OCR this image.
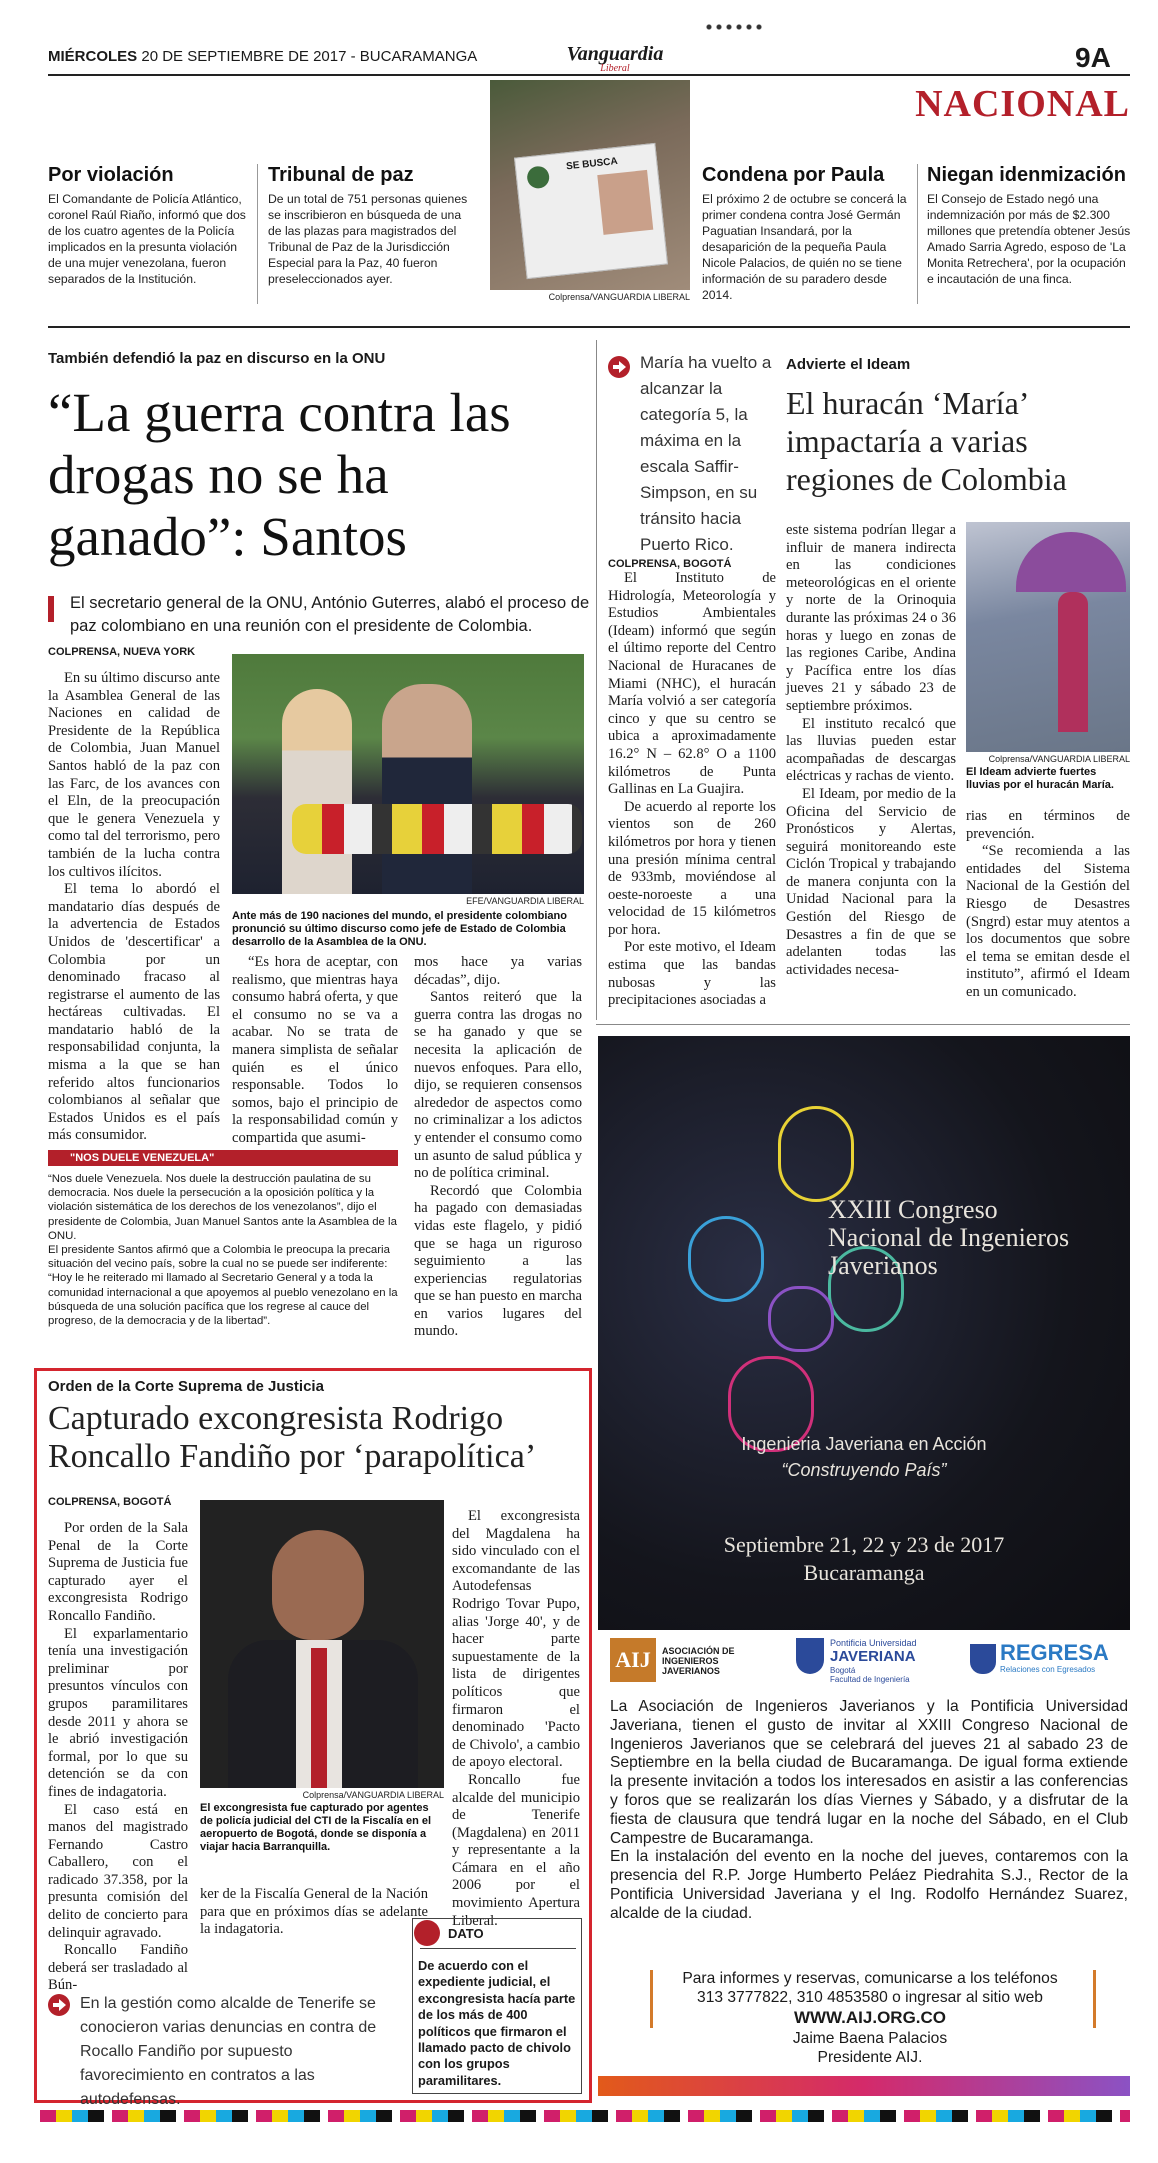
MIÉRCOLES 20 DE SEPTIEMBRE DE 2017 - BUCARAMANGA	Vanguardia
Liberal	9A
NACIONAL
SE BUSCA
Colprensa/VANGUARDIA LIBERAL
Por violación
El Comandante de Policía Atlántico, coronel Raúl Riaño, informó que dos de los cuatro agentes de la Policía implicados en la presunta violación de una mujer venezolana, fueron separados de la Institución.
Tribunal de paz
De un total de 751 personas quienes se inscribieron en búsqueda de una de las plazas para magistrados del Tribunal de Paz de la Jurisdicción Especial para la Paz, 40 fueron preseleccionados ayer.
Condena por Paula
El próximo 2 de octubre se concerá la primer condena contra José Germán Paguatian Insandará, por la desaparición de la pequeña Paula Nicole Palacios, de quién no se tiene información de su paradero desde 2014.
Niegan idenmización
El Consejo de Estado negó una indemnización por más de $2.300 millones que pretendía obtener Jesús Amado Sarria Agredo, esposo de 'La Monita Retrechera', por la ocupación e incautación de una finca.
También defendió la paz en discurso en la ONU
“La guerra contra las drogas no se ha ganado”: Santos
El secretario general de la ONU, António Guterres, alabó el proceso de paz colombiano en una reunión con el presidente de Colombia.
COLPRENSA, NUEVA YORK

En su último discurso ante la Asamblea General de las Naciones en calidad de Presidente de la República de Colombia, Juan Manuel Santos habló de la paz con las Farc, de los avances con el Eln, de la preocupación que le genera Venezuela y como tal del terrorismo, pero también de la lucha contra los cultivos ilícitos.

El tema lo abordó el mandatario días después de la advertencia de Estados Unidos de 'descertificar' a Colombia por un denominado fracaso al registrarse el aumento de las hectáreas cultivadas. El mandatario habló de la responsabilidad conjunta, la misma a la que se han referido altos funcionarios colombianos al señalar que Estados Unidos es el país más consumidor.

EFE/VANGUARDIA LIBERAL
Ante más de 190 naciones del mundo, el presidente colombiano pronunció su último discurso como jefe de Estado de Colombia desarrollo de la Asamblea de la ONU.

“Es hora de aceptar, con realismo, que mientras haya consumo habrá oferta, y que el consumo no se va a acabar. No se trata de manera simplista de señalar quién es el único responsable. Todos lo somos, bajo el principio de la responsabilidad común y compartida que asumi-

mos hace ya varias décadas”, dijo.

Santos reiteró que la guerra contra las drogas no se ha ganado y que se necesita la aplicación de nuevos enfoques. Para ello, dijo, se requieren consensos alrededor de aspectos como no criminalizar a los adictos y entender el consumo como un asunto de salud pública y no de política criminal.

Recordó que Colombia ha pagado con demasiadas vidas este flagelo, y pidió que se haga un riguroso seguimiento a las experiencias regulatorias que se han puesto en marcha en varios lugares del mundo.

"NOS DUELE VENEZUELA"

“Nos duele Venezuela. Nos duele la destrucción paulatina de su democracia. Nos duele la persecución a la oposición política y la violación sistemática de los derechos de los venezolanos”, dijo el presidente de Colombia, Juan Manuel Santos ante la Asamblea de la ONU.

El presidente Santos afirmó que a Colombia le preocupa la precaria situación del vecino país, sobre la cual no se puede ser indiferente: “Hoy le he reiterado mi llamado al Secretario General y a toda la comunidad internacional a que apoyemos al pueblo venezolano en la búsqueda de una solución pacífica que los regrese al cauce del progreso, de la democracia y de la libertad”.

María ha vuelto a alcanzar la categoría 5, la máxima en la escala Saffir-Simpson, en su tránsito hacia Puerto Rico.
COLPRENSA, BOGOTÁ

El Instituto de Hidrología, Meteorología y Estudios Ambientales (Ideam) informó que según el último reporte del Centro Nacional de Huracanes de Miami (NHC), el huracán María volvió a ser categoría cinco y que su centro se ubica a aproximadamente 16.2° N – 62.8° O a 1100 kilómetros de Punta Gallinas en La Guajira.

De acuerdo al reporte los vientos son de 260 kilómetros por hora y tienen una presión mínima central de 933mb, moviéndose al oeste-noroeste a una velocidad de 15 kilómetros por hora.

Por este motivo, el Ideam estima que las bandas nubosas y las precipitaciones asociadas a

Advierte el Ideam
El huracán ‘María’ impactaría a varias regiones de Colombia

este sistema podrían llegar a influir de manera indirecta en las condiciones meteorológicas en el oriente y norte de la Orinoquia durante las próximas 24 o 36 horas y luego en zonas de las regiones Caribe, Andina y Pacífica entre los días jueves 21 y sábado 23 de septiembre próximos.

El instituto recalcó que las lluvias pueden estar acompañadas de descargas eléctricas y rachas de viento.

El Ideam, por medio de la Oficina del Servicio de Pronósticos y Alertas, seguirá monitoreando este Ciclón Tropical y trabajando de manera conjunta con la Unidad Nacional para la Gestión del Riesgo de Desastres a fin de que se adelanten todas las actividades necesa-

Colprensa/VANGUARDIA LIBERAL
El Ideam advierte fuertes lluvias por el huracán María.

rias en términos de prevención.

“Se recomienda a las entidades del Sistema Nacional de la Gestión del Riesgo de Desastres (Sngrd) estar muy atentos a los documentos que sobre el tema se emitan desde el instituto”, afirmó el Ideam en un comunicado.

Orden de la Corte Suprema de Justicia
Capturado excongresista Rodrigo Roncallo Fandiño por ‘parapolítica’
COLPRENSA, BOGOTÁ

Por orden de la Sala Penal de la Corte Suprema de Justicia fue capturado ayer el excongresista Rodrigo Roncallo Fandiño.

El exparlamentario tenía una investigación preliminar por presuntos vínculos con grupos paramilitares desde 2011 y ahora se le abrió investigación formal, por lo que su detención se da con fines de indagatoria.

El caso está en manos del magistrado Fernando Castro Caballero, con el radicado 37.358, por la presunta comisión del delito de concierto para delinquir agravado.

Roncallo Fandiño deberá ser trasladado al Bún-

Colprensa/VANGUARDIA LIBERAL
El excongresista fue capturado por agentes de policía judicial del CTI de la Fiscalía en el aeropuerto de Bogotá, donde se disponía a viajar hacia Barranquilla.

ker de la Fiscalía General de la Nación para que en próximos días se adelante la indagatoria.

El excongresista del Magdalena ha sido vinculado con el excomandante de las Autodefensas Rodrigo Tovar Pupo, alias 'Jorge 40', y de hacer parte supuestamente de la lista de dirigentes políticos que firmaron el denominado 'Pacto de Chivolo', a cambio de apoyo electoral.

Roncallo fue alcalde del municipio de Tenerife (Magdalena) en 2011 y representante a la Cámara en el año 2006 por el movimiento Apertura Liberal.

En la gestión como alcalde de Tenerife se conocieron varias denuncias en contra de Rocallo Fandiño por supuesto favorecimiento en contratos a las autodefensas.
DATO
De acuerdo con el expediente judicial, el excongresista hacía parte de los más de 400 políticos que firmaron el llamado pacto de chivolo con los grupos paramilitares.
XXIII Congreso Nacional de Ingenieros Javerianos
Ingenieria Javeriana en Acción
“Construyendo País”
Septiembre 21, 22 y 23 de 2017
Bucaramanga
AIJ	ASOCIACIÓN DE INGENIEROS JAVERIANOS
Pontificia Universidad
JAVERIANA
Bogotá
Facultad de Ingeniería
REGRESA
Relaciones con Egresados

La Asociación de Ingenieros Javerianos y la Pontificia Universidad Javeriana, tienen el gusto de invitar al XXIII Congreso Nacional de Ingenieros Javerianos que se celebrará del jueves 21 al sabado 23 de Septiembre en la bella ciudad de Bucaramanga. De igual forma extiende la presente invitación a todos los interesados en asistir a las conferencias y foros que se realizarán los días Viernes y Sábado, y a disfrutar de la fiesta de clausura que tendrá lugar en la noche del Sábado, en el Club Campestre de Bucaramanga.

En la instalación del evento en la noche del jueves, contaremos con la presencia del R.P. Jorge Humberto Peláez Piedrahita S.J., Rector de la Pontificia Universidad Javeriana y el Ing. Rodolfo Hernández Suarez, alcalde de la ciudad.

Para informes y reservas, comunicarse a los teléfonos
313 3777822, 310 4853580 o ingresar al sitio web
WWW.AIJ.ORG.CO
Jaime Baena Palacios
Presidente AIJ.
